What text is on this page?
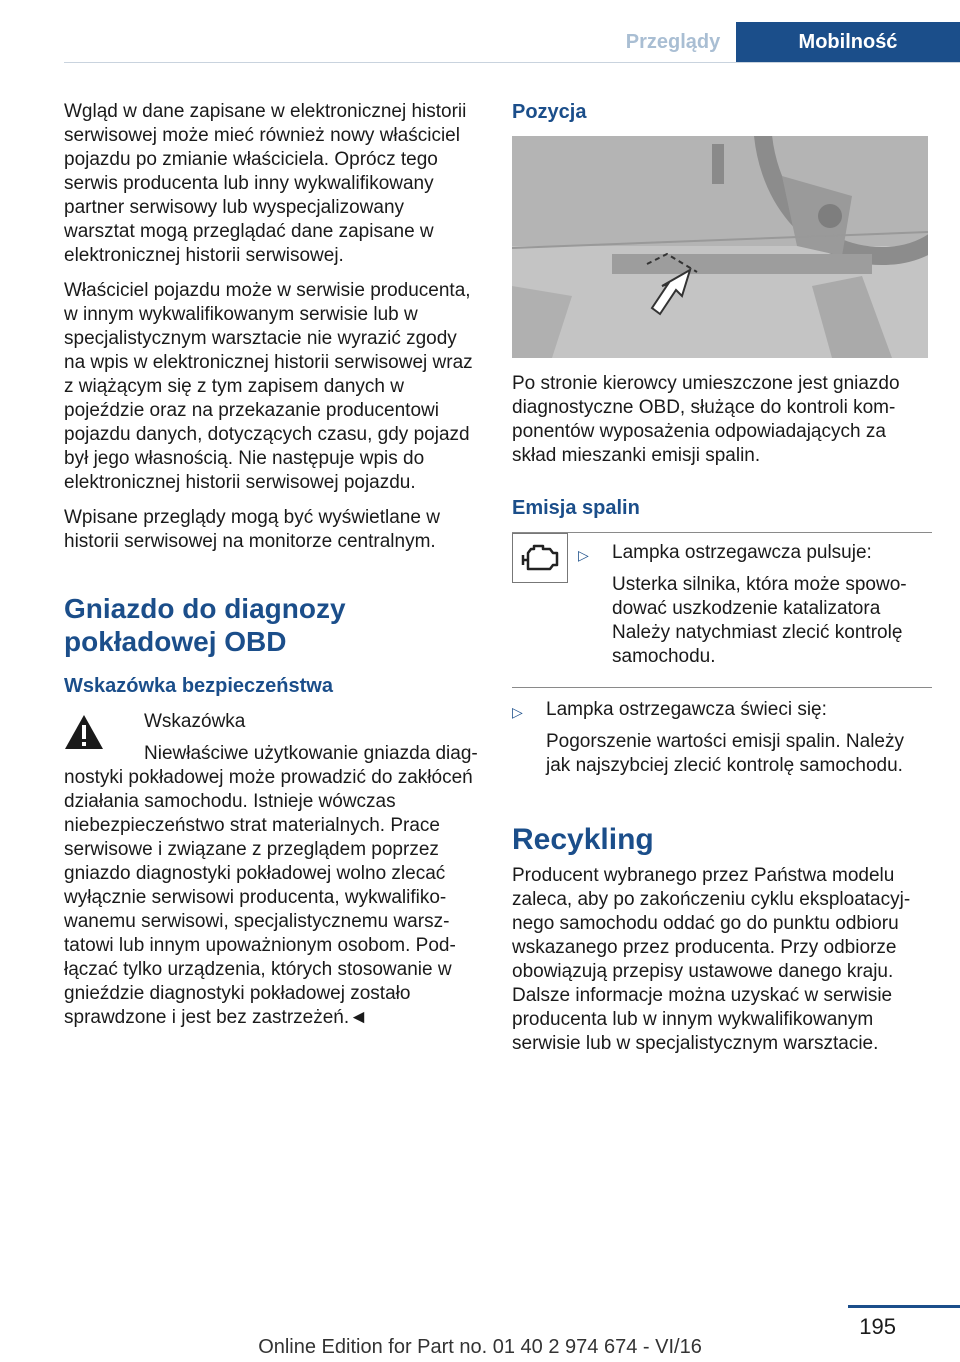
Przeglądy	Mobilność

Wgląd w dane zapisane w elektronicznej historii serwisowej może mieć również nowy właściciel pojazdu po zmianie właściciela. Oprócz tego serwis producenta lub inny wykwalifikowany partner serwisowy lub wyspecjalizowany warsztat mogą przeglądać dane zapisane w elektronicznej historii serwisowej.

Właściciel pojazdu może w serwisie producenta, w innym wykwalifikowanym serwisie lub w specjalistycznym warsztacie nie wyrazić zgody na wpis w elektronicznej historii serwisowej wraz z wiążącym się z tym zapisem danych w pojeździe oraz na przekazanie producentowi pojazdu danych, dotyczących czasu, gdy pojazd był jego własnością. Nie następuje wpis do elektronicznej historii serwisowej pojazdu.

Wpisane przeglądy mogą być wyświetlane w historii serwisowej na monitorze centralnym.

Gniazdo do diagnozy pokładowej OBD
Wskazówka bezpieczeństwa
Wskazówka

Niewłaściwe użytkowanie gniazda diagnostyki pokładowej może prowadzić do zakłóceń działania samochodu. Istnieje wówczas niebezpieczeństwo strat materialnych. Prace serwisowe i związane z przeglądem poprzez gniazdo diagnostyki pokładowej wolno zlecać wyłącznie serwisowi producenta, wykwalifikowanemu serwisowi, specjalistycznemu warsztatowi lub innym upoważnionym osobom. Podłączać tylko urządzenia, których stosowanie w gnieździe diagnostyki pokładowej zostało sprawdzone i jest bez zastrzeżeń.◄

Pozycja

Po stronie kierowcy umieszczone jest gniazdo diagnostyczne OBD, służące do kontroli komponentów wyposażenia odpowiadających za skład mieszanki emisji spalin.

Emisja spalin
▷ Lampka ostrzegawcza pulsuje:

Usterka silnika, która może spowodować uszkodzenie katalizatora Należy natychmiast zlecić kontrolę samochodu.

▷ Lampka ostrzegawcza świeci się:

Pogorszenie wartości emisji spalin. Należy jak najszybciej zlecić kontrolę samochodu.

Recykling

Producent wybranego przez Państwa modelu zaleca, aby po zakończeniu cyklu eksploatacyjnego samochodu oddać go do punktu odbioru wskazanego przez producenta. Przy odbiorze obowiązują przepisy ustawowe danego kraju. Dalsze informacje można uzyskać w serwisie producenta lub w innym wykwalifikowanym serwisie lub w specjalistycznym warsztacie.

195
Online Edition for Part no. 01 40 2 974 674 - VI/16
